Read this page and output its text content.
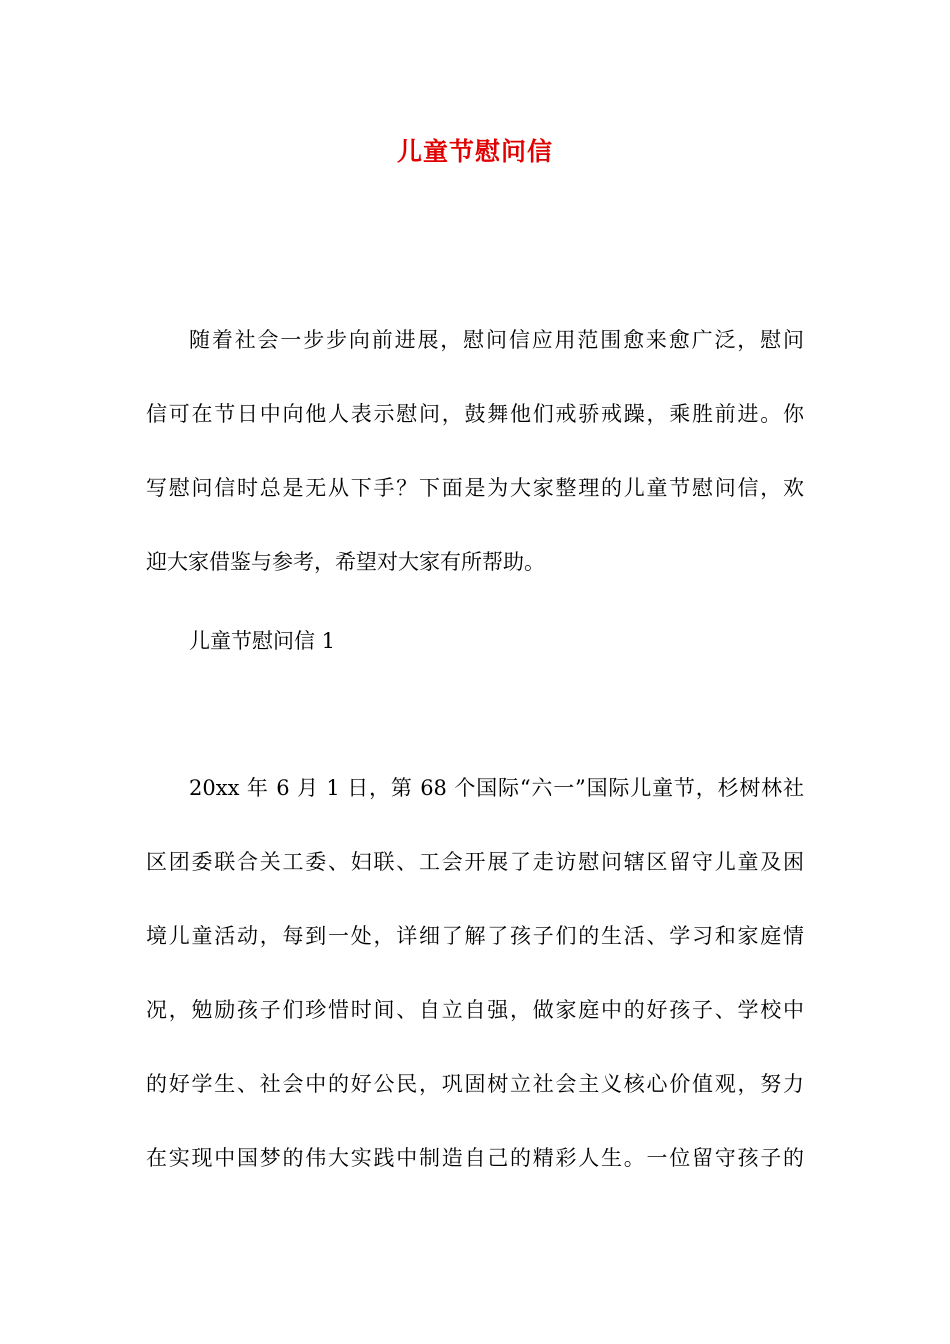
儿童节慰问信
随着社会一步步向前进展，慰问信应用范围愈来愈广泛，慰问
信可在节日中向他人表示慰问，鼓舞他们戒骄戒躁，乘胜前进。你
写慰问信时总是无从下手？下面是为大家整理的儿童节慰问信，欢
迎大家借鉴与参考，希望对大家有所帮助。
儿童节慰问信 1
20xx 年 6 月 1 日，第 68 个国际“六一”国际儿童节，杉树林社
区团委联合关工委、妇联、工会开展了走访慰问辖区留守儿童及困
境儿童活动，每到一处，详细了解了孩子们的生活、学习和家庭情
况，勉励孩子们珍惜时间、自立自强，做家庭中的好孩子、学校中
的好学生、社会中的好公民，巩固树立社会主义核心价值观，努力
在实现中国梦的伟大实践中制造自己的精彩人生。一位留守孩子的
